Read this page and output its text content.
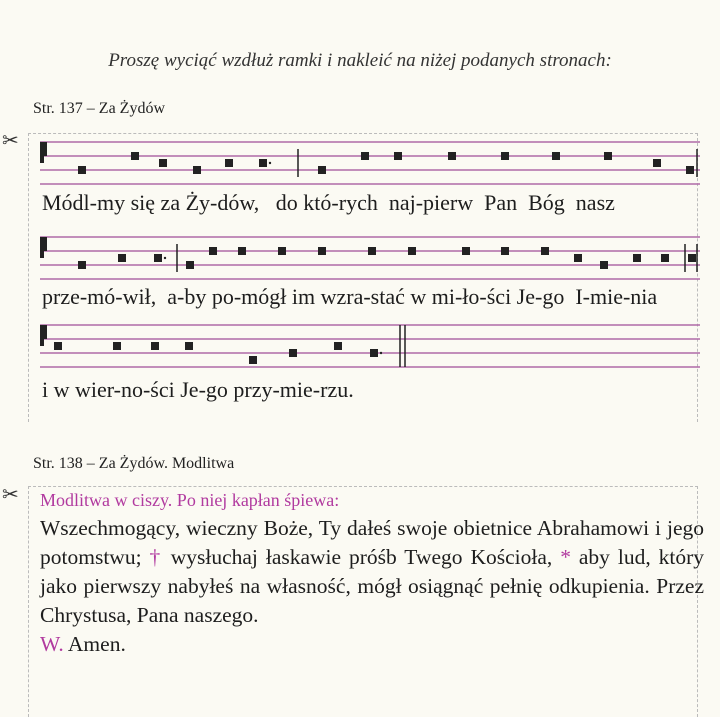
Proszę wyciąć wzdłuż ramki i nakleić na niżej podanych stronach:
Str. 137 – Za Żydów
✂
Módl-my się za Ży-dów,   do któ-rych  naj-pierw  Pan  Bóg  nasz
prze-mó-wił,  a-by po-mógł im wzra-stać w mi-ło-ści Je-go  I-mie-nia
i w wier-no-ści Je-go przy-mie-rzu.
Str. 138 – Za Żydów. Modlitwa
✂ Modlitwa w ciszy. Po niej kapłan śpiewa:
Wszechmogący, wieczny Boże, Ty dałeś swoje obietnice Abrahamowi i jego potomstwu; † wysłuchaj łaskawie próśb Twego Kościoła, * aby lud, który jako pierwszy nabyłeś na własność, mógł osiągnąć pełnię odkupienia. Przez Chrystusa, Pana naszego.
W. Amen.
